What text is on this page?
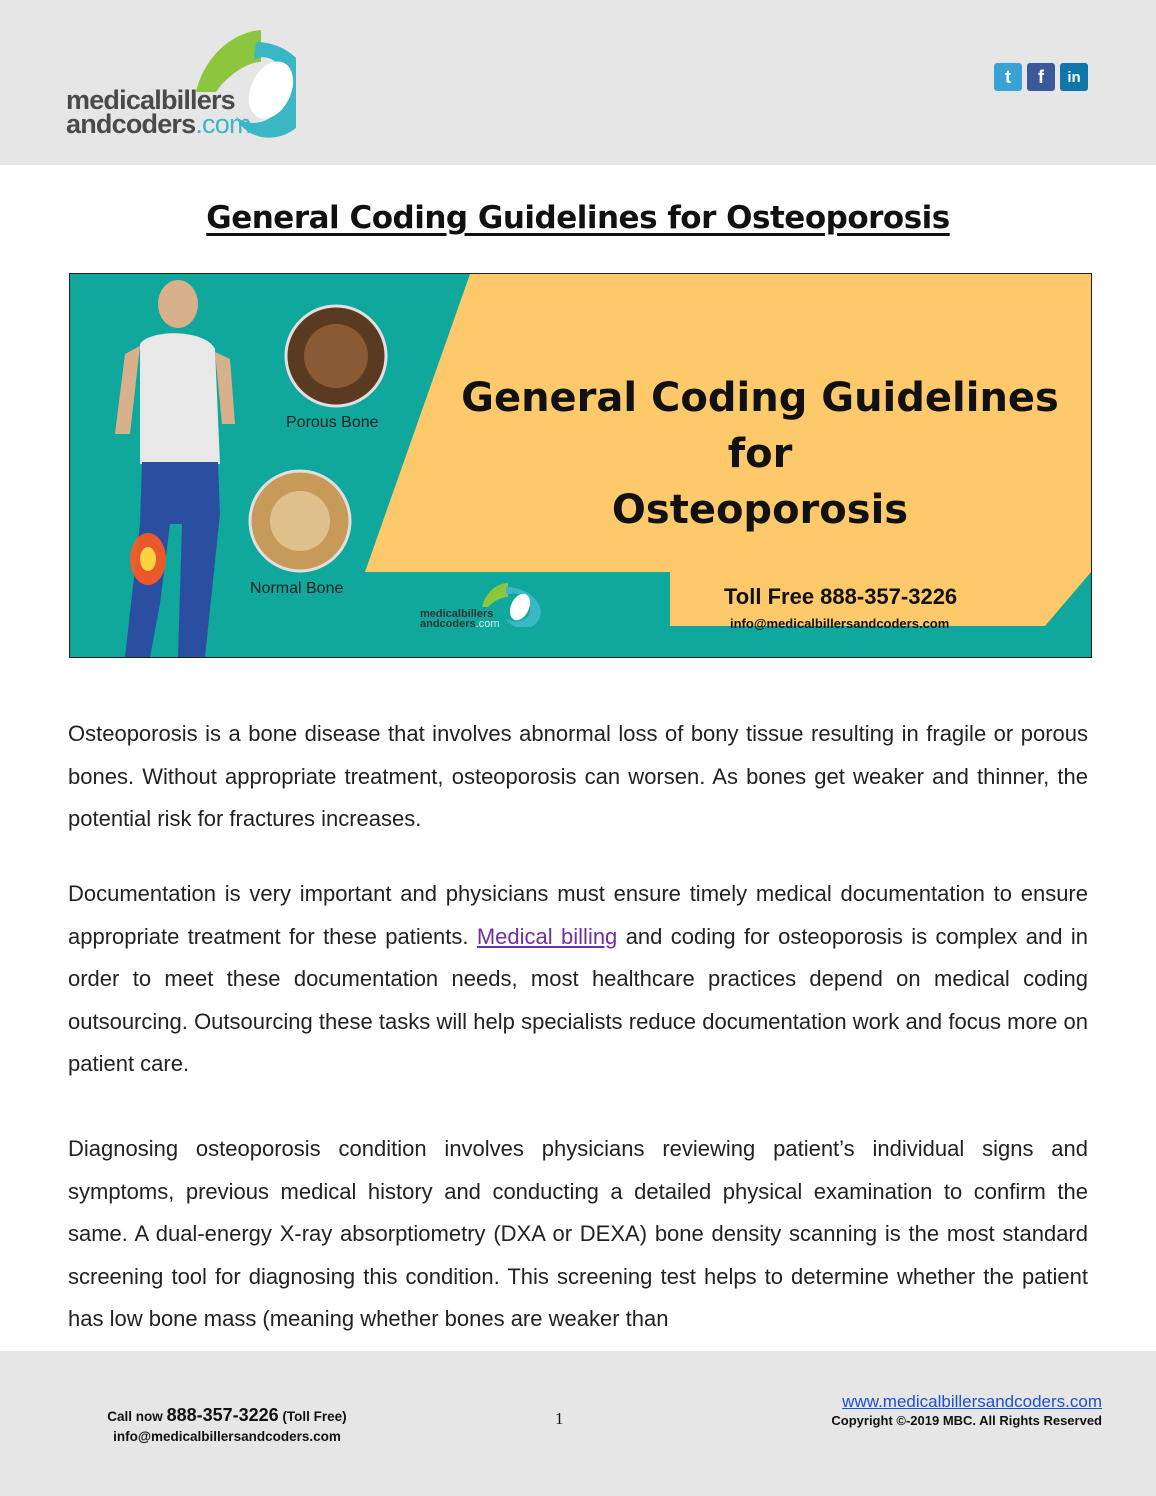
medicalbillers
andcoders.com
t	f	in
General Coding Guidelines for Osteoporosis
General Coding Guidelines for
Osteoporosis
Porous Bone
Normal Bone
medicalbillers
andcoders.com
Toll Free 888-357-3226
info@medicalbillersandcoders.com

Osteoporosis is a bone disease that involves abnormal loss of bony tissue resulting in fragile or porous bones. Without appropriate treatment, osteoporosis can worsen. As bones get weaker and thinner, the potential risk for fractures increases.

Documentation is very important and physicians must ensure timely medical documentation to ensure appropriate treatment for these patients. Medical billing and coding for osteoporosis is complex and in order to meet these documentation needs, most healthcare practices depend on medical coding outsourcing. Outsourcing these tasks will help specialists reduce documentation work and focus more on patient care.

Diagnosing osteoporosis condition involves physicians reviewing patient’s individual signs and symptoms, previous medical history and conducting a detailed physical examination to confirm the same. A dual-energy X-ray absorptiometry (DXA or DEXA) bone density scanning is the most standard screening tool for diagnosing this condition. This screening test helps to determine whether the patient has low bone mass (meaning whether bones are weaker than

Call now 888-357-3226 (Toll Free)
info@medicalbillersandcoders.com
1
www.medicalbillersandcoders.com
Copyright ©-2019 MBC. All Rights Reserved
